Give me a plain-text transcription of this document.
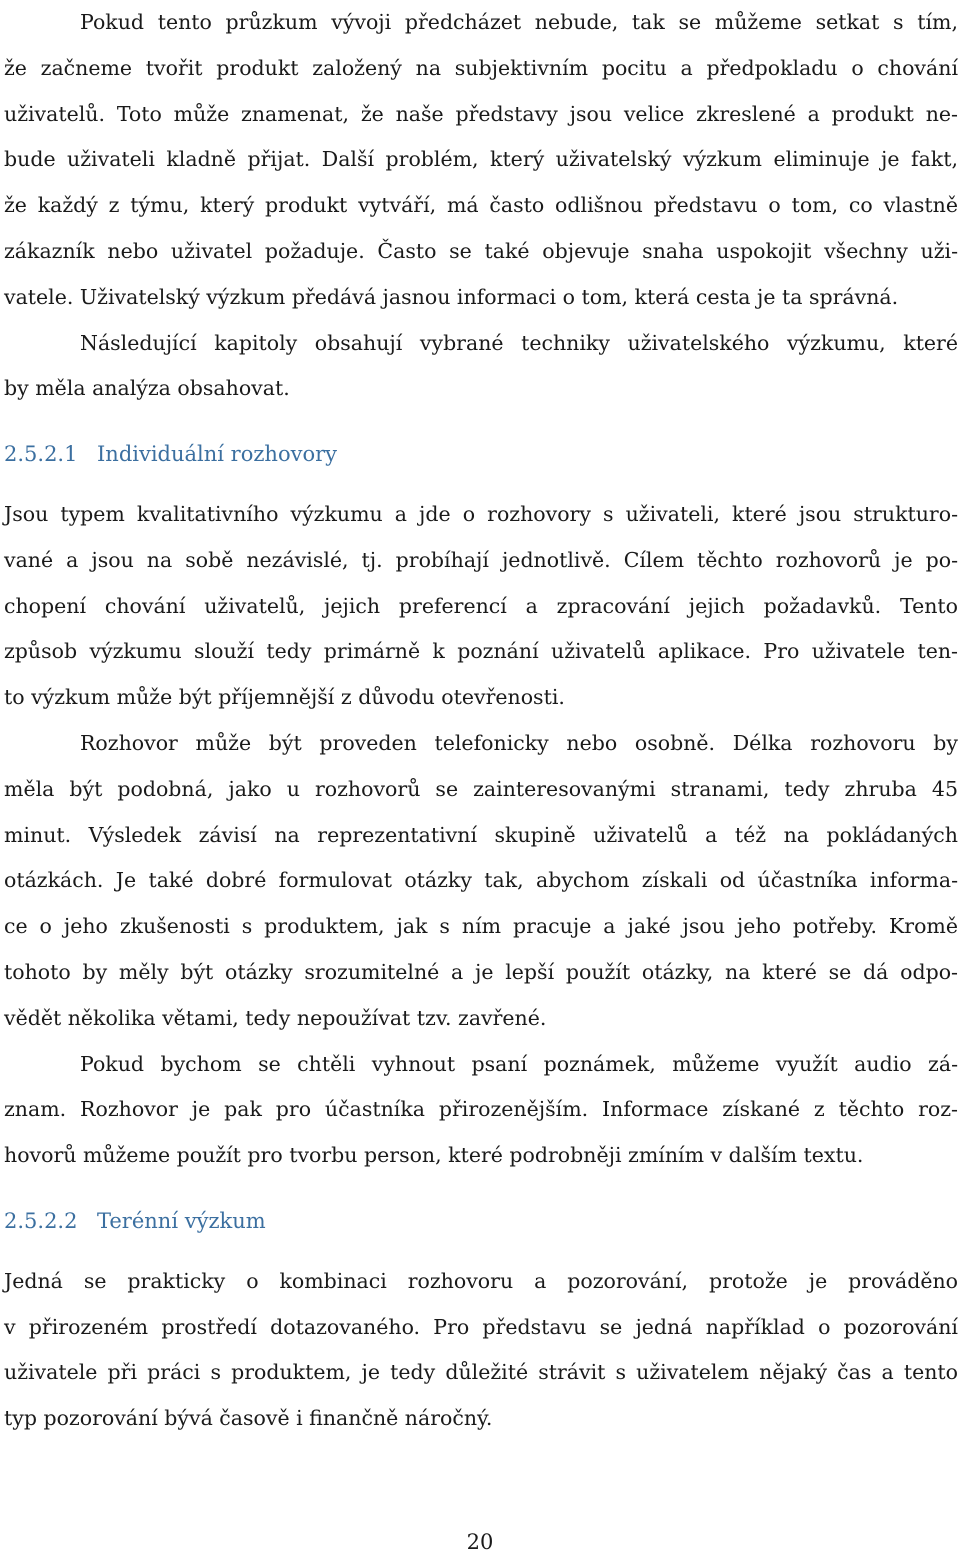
Pokud tento průzkum vývoji předcházet nebude, tak se můžeme setkat s tím,
že začneme tvořit produkt založený na subjektivním pocitu a předpokladu o chování
uživatelů. Toto může znamenat, že naše představy jsou velice zkreslené a produkt ne-
bude uživateli kladně přijat. Další problém, který uživatelský výzkum eliminuje je fakt,
že každý z týmu, který produkt vytváří, má často odlišnou představu o tom, co vlastně
zákazník nebo uživatel požaduje. Často se také objevuje snaha uspokojit všechny uži-
vatele. Uživatelský výzkum předává jasnou informaci o tom, která cesta je ta správná.
Následující kapitoly obsahují vybrané techniky uživatelského výzkumu, které
by měla analýza obsahovat.
2.5.2.1 Individuální rozhovory
Jsou typem kvalitativního výzkumu a jde o rozhovory s uživateli, které jsou strukturo-
vané a jsou na sobě nezávislé, tj. probíhají jednotlivě. Cílem těchto rozhovorů je po-
chopení chování uživatelů, jejich preferencí a zpracování jejich požadavků. Tento
způsob výzkumu slouží tedy primárně k poznání uživatelů aplikace. Pro uživatele ten-
to výzkum může být příjemnější z důvodu otevřenosti.
Rozhovor může být proveden telefonicky nebo osobně. Délka rozhovoru by
měla být podobná, jako u rozhovorů se zainteresovanými stranami, tedy zhruba 45
minut. Výsledek závisí na reprezentativní skupině uživatelů a též na pokládaných
otázkách. Je také dobré formulovat otázky tak, abychom získali od účastníka informa-
ce o jeho zkušenosti s produktem, jak s ním pracuje a jaké jsou jeho potřeby. Kromě
tohoto by měly být otázky srozumitelné a je lepší použít otázky, na které se dá odpo-
vědět několika větami, tedy nepoužívat tzv. zavřené.
Pokud bychom se chtěli vyhnout psaní poznámek, můžeme využít audio zá-
znam. Rozhovor je pak pro účastníka přirozenějším. Informace získané z těchto roz-
hovorů můžeme použít pro tvorbu person, které podrobněji zmíním v dalším textu.
2.5.2.2 Terénní výzkum
Jedná se prakticky o kombinaci rozhovoru a pozorování, protože je prováděno
v přirozeném prostředí dotazovaného. Pro představu se jedná například o pozorování
uživatele při práci s produktem, je tedy důležité strávit s uživatelem nějaký čas a tento
typ pozorování bývá časově i finančně náročný.
20
